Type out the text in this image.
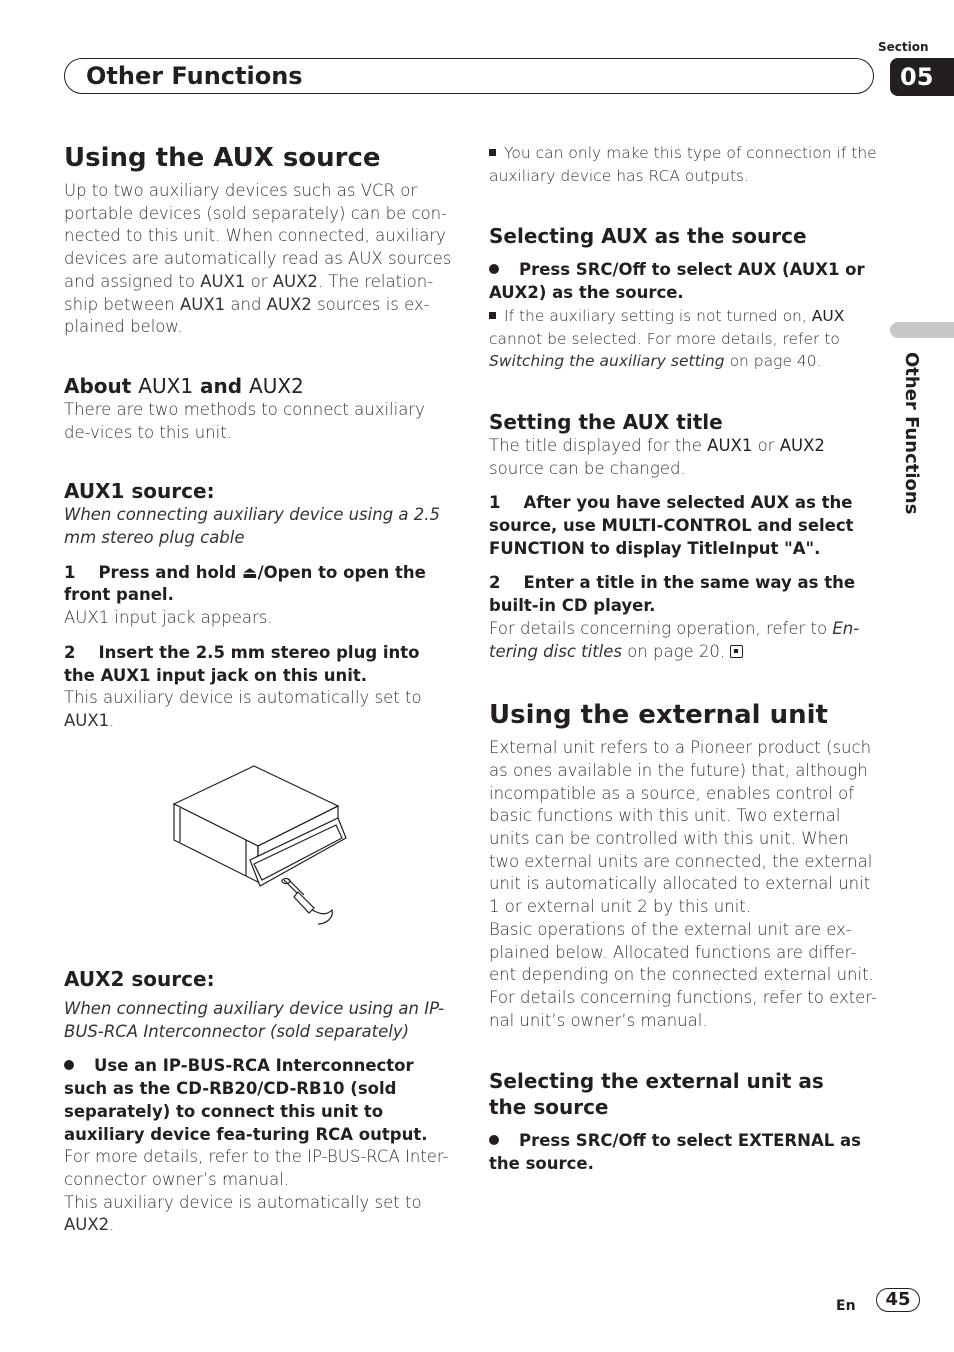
Section
05
Other Functions
Other Functions
Using the AUX source

Up to two auxiliary devices such as VCR or portable devices (sold separately) can be con-nected to this unit. When connected, auxiliary devices are automatically read as AUX sources and assigned to AUX1 or AUX2. The relation-ship between AUX1 and AUX2 sources is ex-plained below.

About AUX1 and AUX2

There are two methods to connect auxiliary de-vices to this unit.

AUX1 source:

When connecting auxiliary device using a 2.5 mm stereo plug cable

1 Press and hold ⏏/Open to open the front panel.

AUX1 input jack appears.

2 Insert the 2.5 mm stereo plug into the AUX1 input jack on this unit.

This auxiliary device is automatically set to AUX1.

AUX2 source:

When connecting auxiliary device using an IP-BUS-RCA Interconnector (sold separately)

Use an IP-BUS-RCA Interconnector such as the CD-RB20/CD-RB10 (sold separately) to connect this unit to auxiliary device fea-turing RCA output.

For more details, refer to the IP-BUS-RCA Inter-connector owner’s manual.

This auxiliary device is automatically set to AUX2.

You can only make this type of connection if the auxiliary device has RCA outputs.

Selecting AUX as the source

Press SRC/Off to select AUX (AUX1 or AUX2) as the source.

If the auxiliary setting is not turned on, AUX cannot be selected. For more details, refer to Switching the auxiliary setting on page 40.

Setting the AUX title

The title displayed for the AUX1 or AUX2 source can be changed.

1 After you have selected AUX as the source, use MULTI-CONTROL and select FUNCTION to display TitleInput "A".

2 Enter a title in the same way as the built-in CD player.

For details concerning operation, refer to En-tering disc titles on page 20.

Using the external unit

External unit refers to a Pioneer product (such as ones available in the future) that, although incompatible as a source, enables control of basic functions with this unit. Two external units can be controlled with this unit. When two external units are connected, the external unit is automatically allocated to external unit 1 or external unit 2 by this unit.

Basic operations of the external unit are ex-plained below. Allocated functions are differ-ent depending on the connected external unit. For details concerning functions, refer to exter-nal unit’s owner’s manual.

Selecting the external unit as the source

Press SRC/Off to select EXTERNAL as the source.

En	45
